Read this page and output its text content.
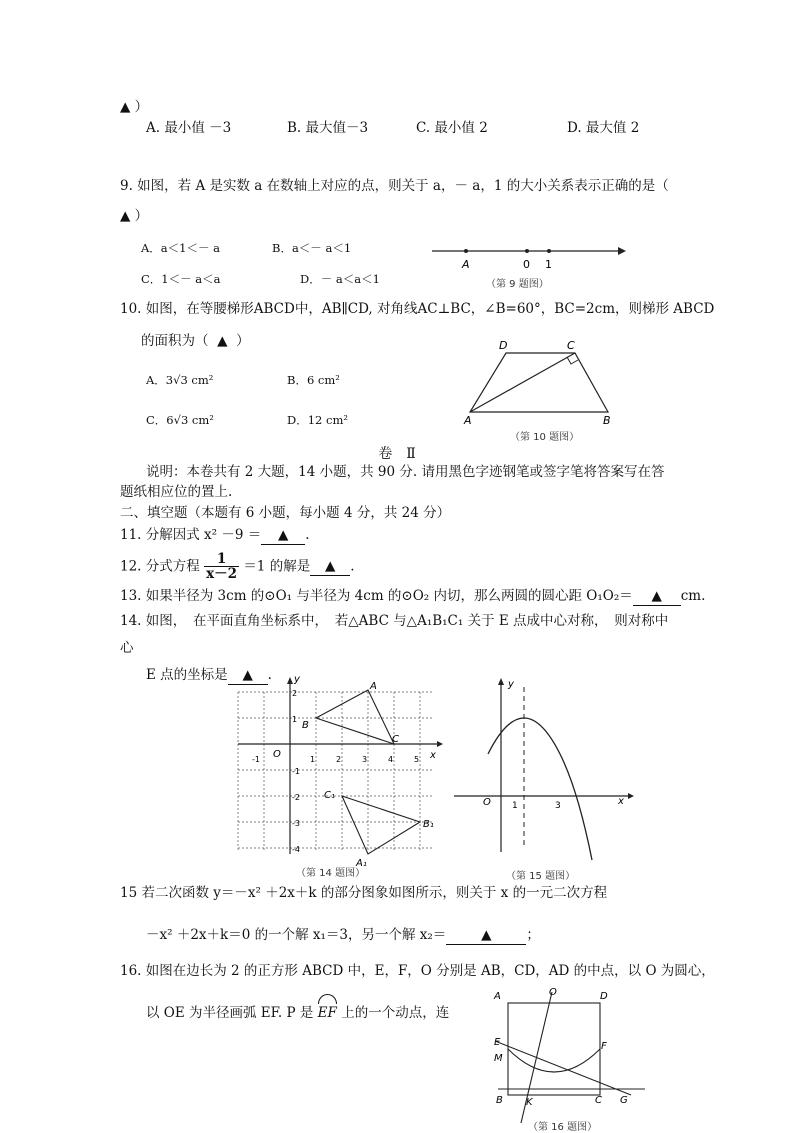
▲ ）
A. 最小值 －3	B. 最大值－3	C. 最小值 2	D. 最大值 2
9. 如图，若 A 是实数 a 在数轴上对应的点，则关于 a，－ a，1 的大小关系表示正确的是（
▲ ）
A．a＜1＜－ a	B．a＜－ a＜1
C．1＜－ a＜a	D．－ a＜a＜1
A	0 1
（第 9 题图）
10. 如图，在等腰梯形ABCD中，AB∥CD, 对角线AC⊥BC，∠B=60°，BC=2cm，则梯形 ABCD
的面积为（ ▲ ）
A．3√3 cm²	B．6 cm²
C．6√3 cm²	D．12 cm²	A	B
C
D
（第 10 题图）
卷　Ⅱ
说明：本卷共有 2 大题，14 小题，共 90 分. 请用黑色字迹钢笔或签字笔将答案写在答
题纸相应位的置上.
二、填空题（本题有 6 小题，每小题 4 分，共 24 分）
11. 分解因式 x² －9 ＝ ▲ .
12. 分式方程 $\frac{1}{x-2} =1$ 的解是 ▲ .
13. 如果半径为 3cm 的⊙O₁ 与半径为 4cm 的⊙O₂ 内切，那么两圆的圆心距 O₁O₂＝ ▲ cm.
14. 如图，　在平面直角坐标系中，　若△ABC 与△A₁B₁C₁ 关于 E 点成中心对称，　则对称中
心
E 点的坐标是 ▲ .
x
y
O
-1	1	2	3	4	5
2
1
-1
-2
-3
-4
A
B
C
C₁
B₁
A₁
（第 14 题图）
x
y
O 1	3
（第 15 题图）
15 若二次函数 y＝－x² ＋2x＋k 的部分图象如图所示，则关于 x 的一元二次方程
－x² ＋2x＋k＝0 的一个解 x₁＝3，另一个解 x₂＝	▲	；
16. 如图在边长为 2 的正方形 ABCD 中，E，F，O 分别是 AB，CD，AD 的中点，以 O 为圆心，
以 OE 为半径画弧 EF. P 是 EF 上的一个动点，连
A	O	D
E	F
M
B K	C G
（第 16 题图）
